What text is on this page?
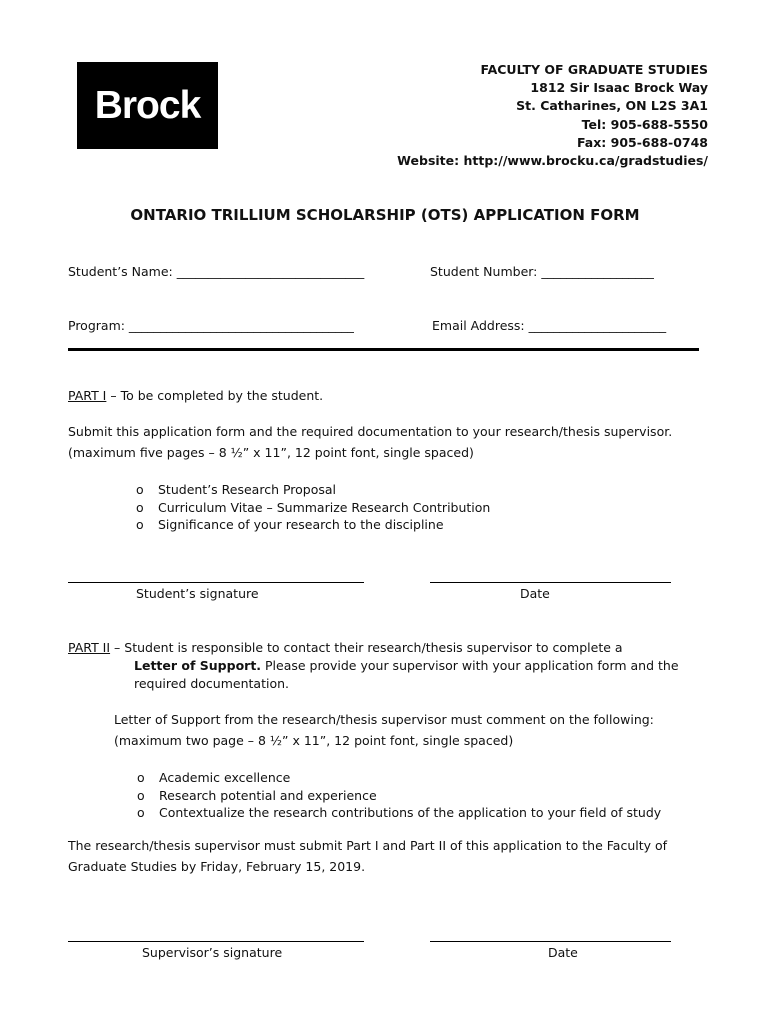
Brock
FACULTY OF GRADUATE STUDIES
1812 Sir Isaac Brock Way
St. Catharines, ON L2S 3A1
Tel: 905-688-5550
Fax: 905-688-0748
Website: http://www.brocku.ca/gradstudies/
ONTARIO TRILLIUM SCHOLARSHIP (OTS) APPLICATION FORM
Student’s Name: ______________________________	Student Number: __________________
Program: ____________________________________	Email Address: ______________________
PART I – To be completed by the student.
Submit this application form and the required documentation to your research/thesis supervisor.
(maximum five pages – 8 ½” x 11”, 12 point font, single spaced)
o Student’s Research Proposal
o Curriculum Vitae – Summarize Research Contribution
o Significance of your research to the discipline
Student’s signature	Date
PART II – Student is responsible to contact their research/thesis supervisor to complete a
Letter of Support. Please provide your supervisor with your application form and the
required documentation.
Letter of Support from the research/thesis supervisor must comment on the following:
(maximum two page – 8 ½” x 11”, 12 point font, single spaced)
o Academic excellence
o Research potential and experience
o Contextualize the research contributions of the application to your field of study
The research/thesis supervisor must submit Part I and Part II of this application to the Faculty of
Graduate Studies by Friday, February 15, 2019.
Supervisor’s signature	Date
